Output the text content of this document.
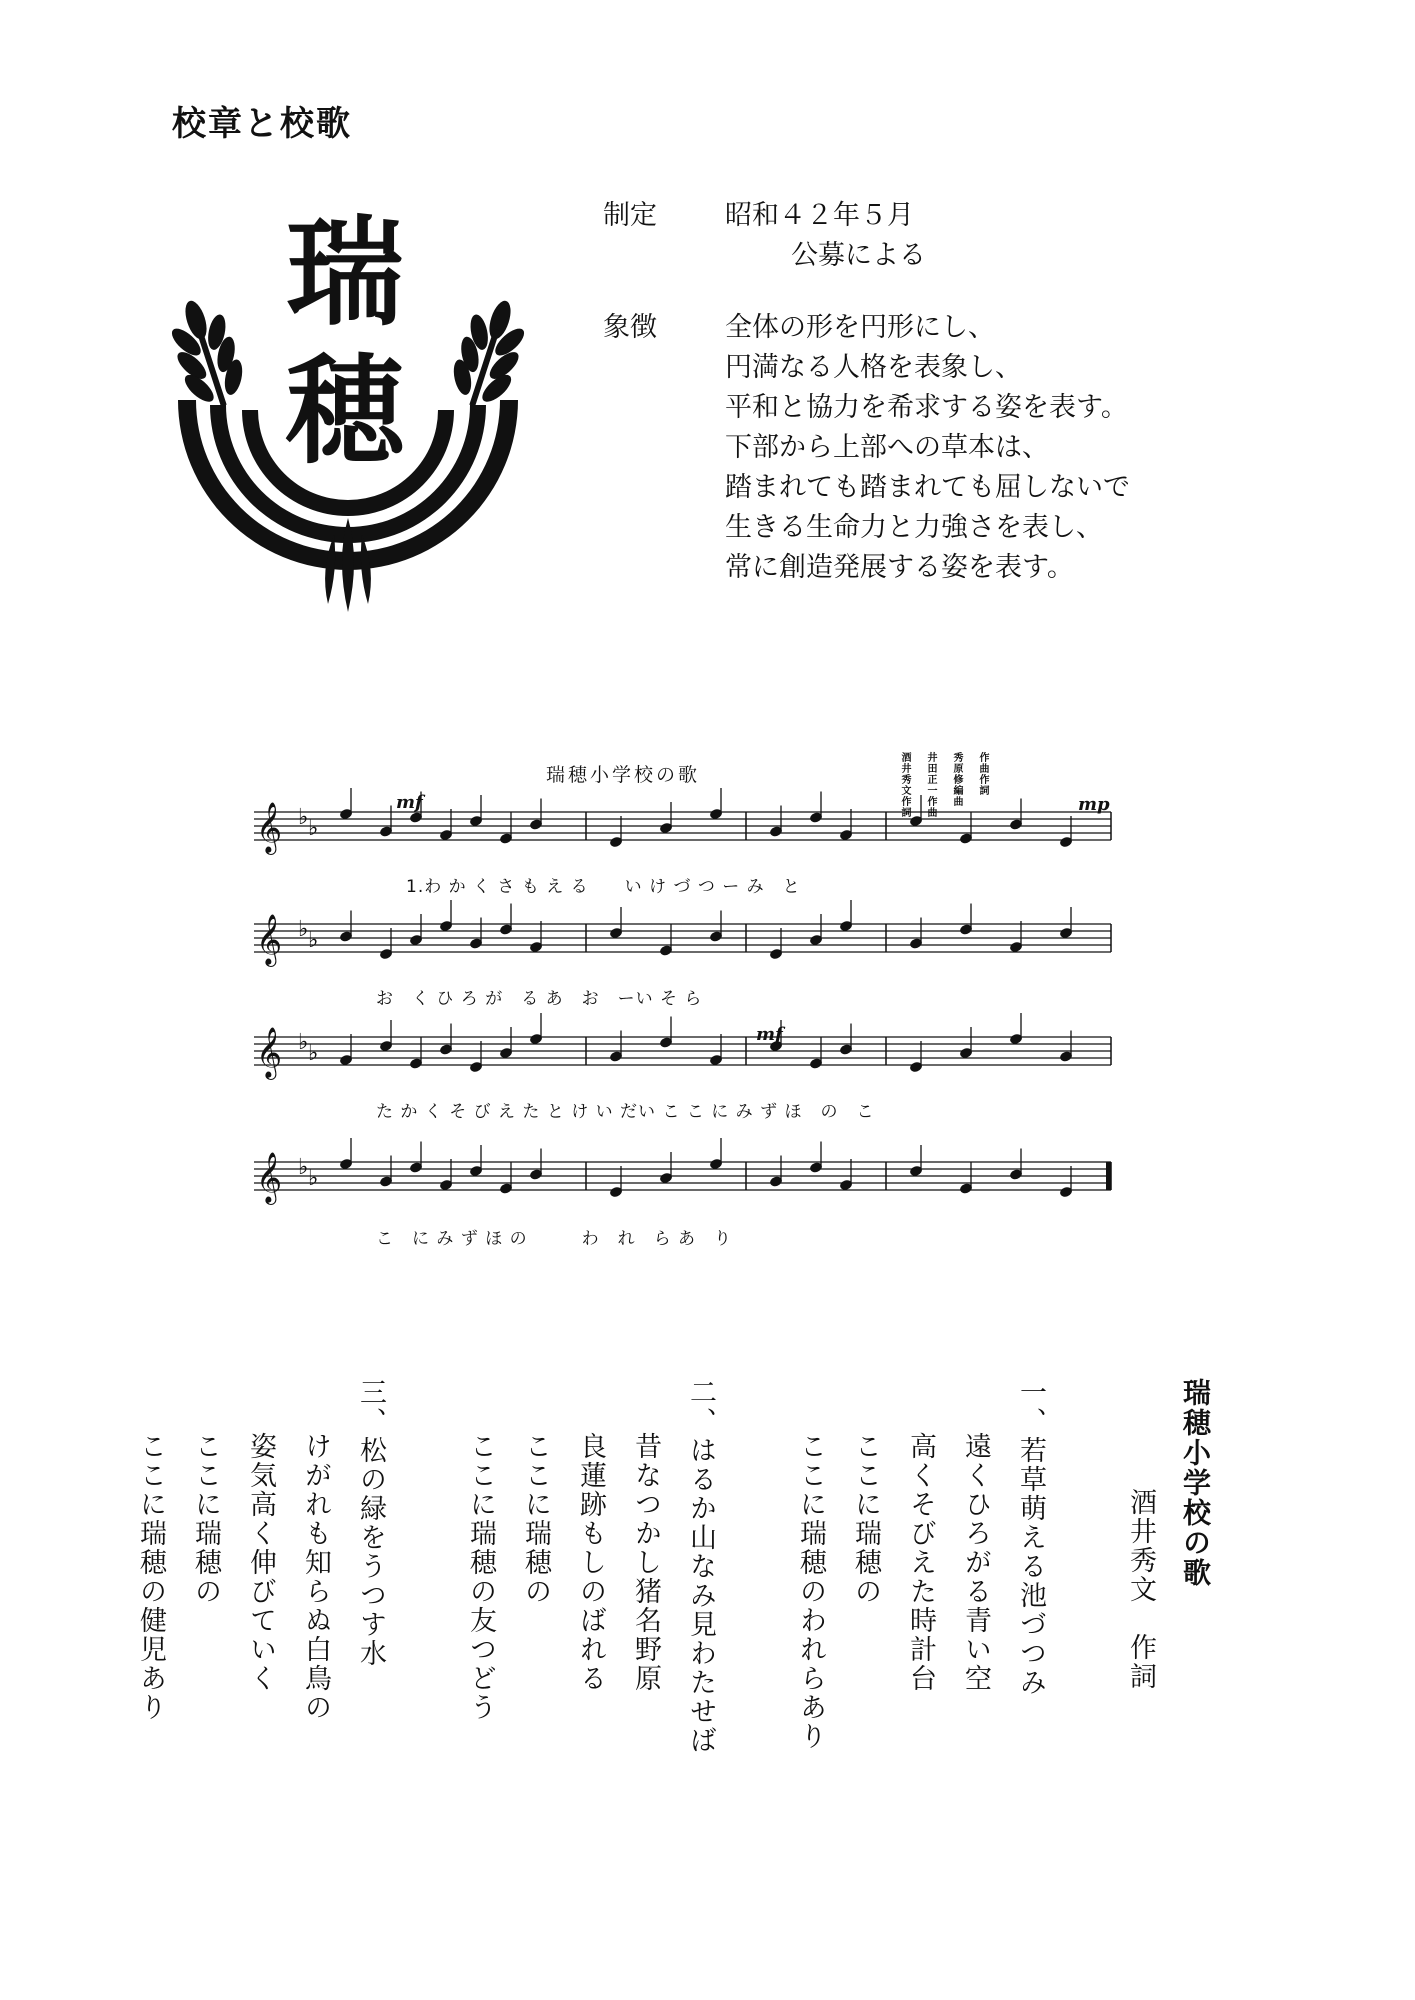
校章と校歌
瑞
穂
制定	昭和４２年５月
公募による
象徴	全体の形を円形にし、
円満なる人格を表象し、
平和と協力を希求する姿を表す。
下部から上部への草本は、
踏まれても踏まれても屈しないで
生きる生命力と力強さを表し、
常に創造発展する姿を表す。
瑞穂小学校の歌	酒井秀文作詞 井田正一作曲 秀原修編曲 作曲作詞
𝄞 ♭ ♭
𝄞 ♭ ♭
𝄞 ♭ ♭
𝄞 ♭ ♭
1.わ か く さ も え る　　い け づ つ ー み　と
お　く ひ ろ が　る あ　お　ーい そ ら
た か く そ び え た と け い だい こ こ に み ず ほ　の　こ
こ　に み ず ほ の　　　わ　れ　ら あ　り
mf	mp
mf
瑞穂小学校の歌
酒井秀文　作詞
一、若草萌える池づつみ
遠くひろがる青い空
高くそびえた時計台
ここに瑞穂の
ここに瑞穂のわれらあり
二、はるか山なみ見わたせば
昔なつかし猪名野原
良蓮跡もしのばれる
ここに瑞穂の
ここに瑞穂の友つどう
三、松の緑をうつす水
けがれも知らぬ白鳥の
姿気高く伸びていく
ここに瑞穂の
ここに瑞穂の健児あり
